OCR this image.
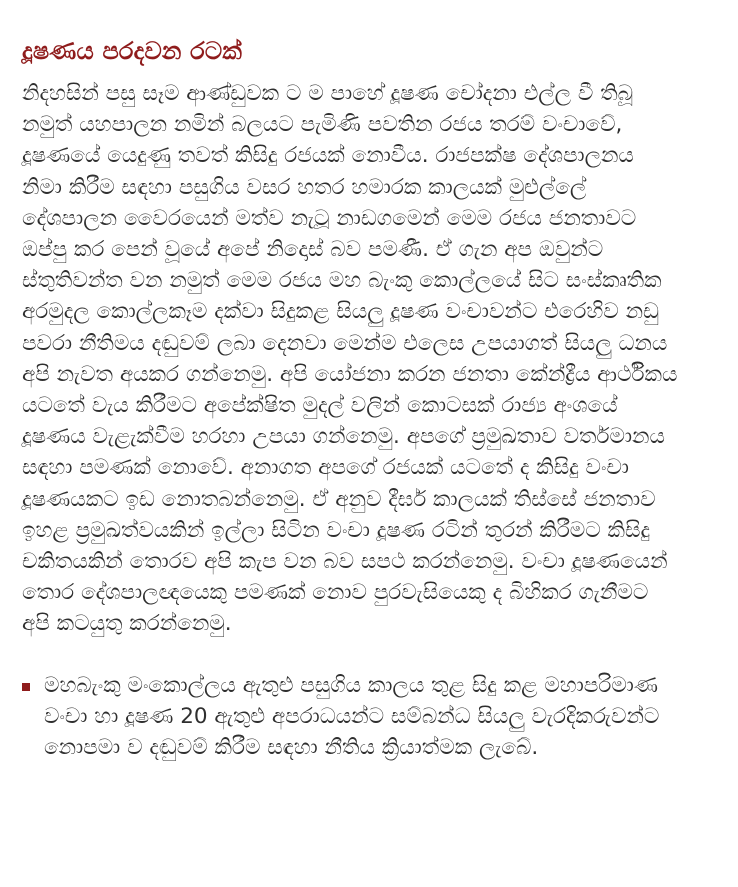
දූෂණය පරදවන රටක්

නිදහසින් පසු සෑම ආණ්ඩුවක ට ම පාහේ දූෂණ චෝදනා එල්ල වී තිබූ නමුත් යහපාලන නමින් බලයට පැමිණි පවතින රජය තරම් වංචාවේ, දූෂණයේ යෙදුණු තවත් කිසිදු රජයක් නොවීය. රාජපක්ෂ දේශපාලනය නිමා කිරීම සඳහා පසුගිය වසර හතර හමාරක කාලයක් මුළුල්ලේ දේශපාලන වෛරයෙන් මත්ව නැටූ නාඩගමෙන් මෙම රජය ජනතාවට ඔප්පු කර පෙන් වූයේ අපේ නිදොස් බව පමණී. ඒ ගැන අප ඔවුන්ට ස්තුතිවන්ත වන නමුත් මෙම රජය මහ බැංකු කොල්ලයේ සිට සංස්කෘතික අරමුදල කොල්ලකෑම දක්වා සිදුකළ සියලු දූෂණ වංචාවන්ට එරෙහිව නඩු පවරා නීතිමය දඬුවම් ලබා දෙනවා මෙන්ම එලෙස උපයාගත් සියලු ධනය අපි නැවත අයකර ගන්නෙමු. අපි යෝජනා කරන ජනතා කේන්ද්‍රීය ආර්ථිකය යටතේ වැය කිරීමට අපේක්ෂිත මුදල් වලින් කොටසක් රාජ්‍ය අංශයේ දූෂණය වැළැක්වීම හරහා උපයා ගන්නෙමු. අපගේ ප්‍රමුඛතාව වර්තමානය සඳහා පමණක් නොවේ. අනාගත අපගේ රජයක් යටතේ ද කිසිදු වංචා දූෂණයකට ඉඩ නොතබන්නෙමු. ඒ අනුව දීර්ඝ කාලයක් තිස්සේ ජනතාව ඉහළ ප්‍රමුඛත්වයකින් ඉල්ලා සිටින වංචා දූෂණ රටින් තුරන් කිරීමට කිසිදු චකිතයකින් තොරව අපි කැප වන බව සපථ කරන්නෙමු. වංචා දූෂණයෙන් තොර දේශපාලඥයෙකු පමණක් නොව පුරවැසියෙකු ද බිහිකර ගැනීමට අපි කටයුතු කරන්නෙමු.

මහබැංකු මංකොල්ලය ඇතුළු පසුගිය කාලය තුළ සිදු කළ මහාපරිමාණ වංචා හා දූෂණ 20 ඇතුළු අපරාධයන්ට සම්බන්ධ සියලු වැරදිකරුවන්ට නොපමා ව දඬුවම් කිරීම සඳහා නීතිය ක්‍රියාත්මක ලැබේ.
